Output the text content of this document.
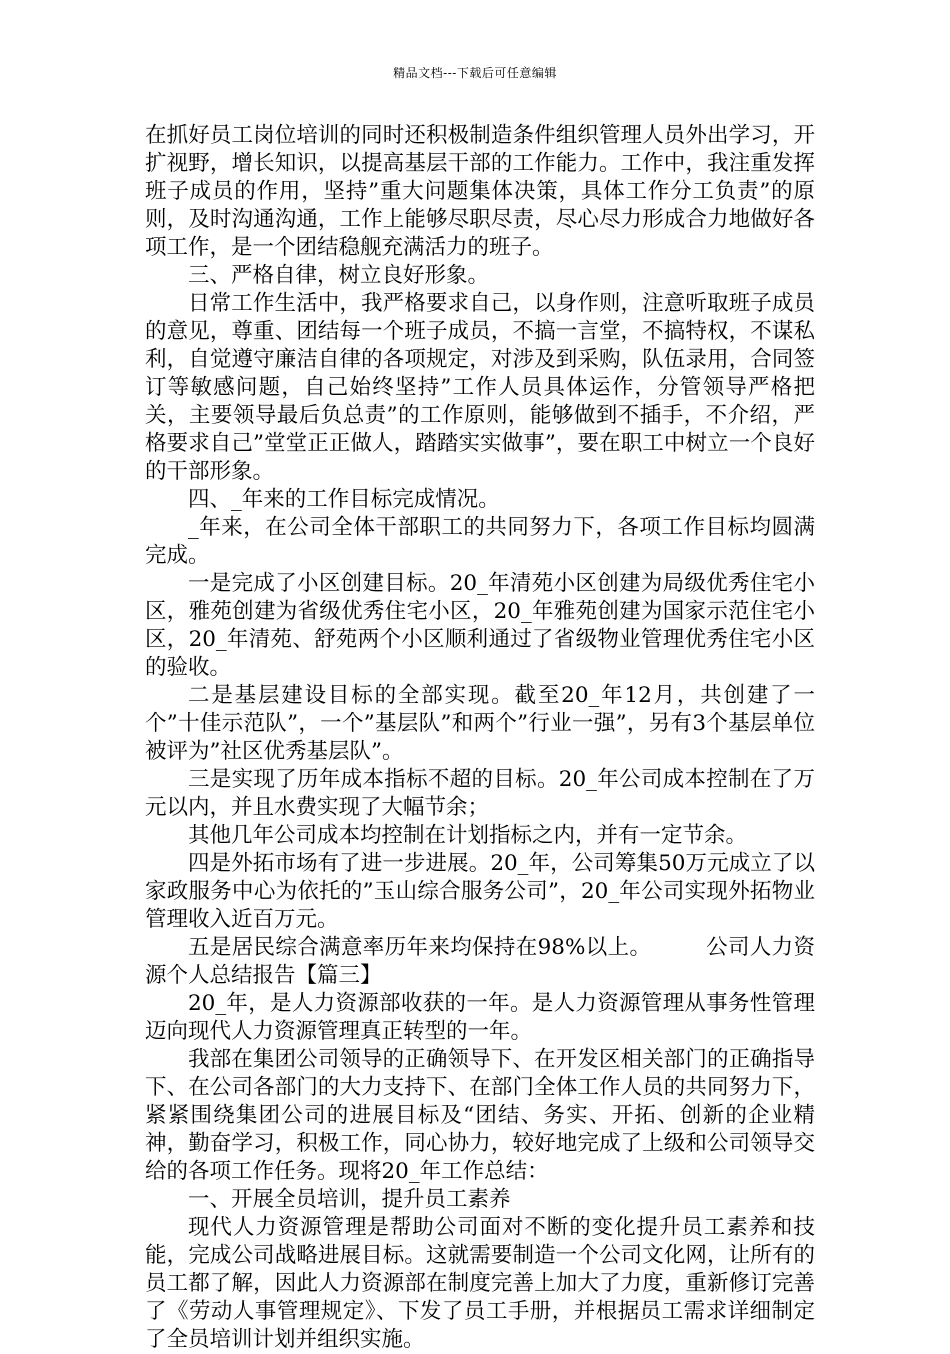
精品文档---下载后可任意编辑

在抓好员工岗位培训的同时还积极制造条件组织管理人员外出学习，开扩视野，增长知识，以提高基层干部的工作能力。工作中，我注重发挥班子成员的作用，坚持”重大问题集体决策，具体工作分工负责”的原则，及时沟通沟通，工作上能够尽职尽责，尽心尽力形成合力地做好各项工作，是一个团结稳舰充满活力的班子。

三、严格自律，树立良好形象。

日常工作生活中，我严格要求自己，以身作则，注意听取班子成员的意见，尊重、团结每一个班子成员，不搞一言堂，不搞特权，不谋私利，自觉遵守廉洁自律的各项规定，对涉及到采购，队伍录用，合同签订等敏感问题，自己始终坚持”工作人员具体运作，分管领导严格把关，主要领导最后负总责”的工作原则，能够做到不插手，不介绍，严格要求自己”堂堂正正做人，踏踏实实做事”，要在职工中树立一个良好的干部形象。

四、_年来的工作目标完成情况。

_年来，在公司全体干部职工的共同努力下，各项工作目标均圆满完成。

一是完成了小区创建目标。20_年清苑小区创建为局级优秀住宅小区，雅苑创建为省级优秀住宅小区，20_年雅苑创建为国家示范住宅小区，20_年清苑、舒苑两个小区顺利通过了省级物业管理优秀住宅小区的验收。

二是基层建设目标的全部实现。截至20_年12月，共创建了一个”十佳示范队”，一个”基层队”和两个”行业一强”，另有3个基层单位被评为”社区优秀基层队”。

三是实现了历年成本指标不超的目标。20_年公司成本控制在了万元以内，并且水费实现了大幅节余；

其他几年公司成本均控制在计划指标之内，并有一定节余。

四是外拓市场有了进一步进展。20_年，公司筹集50万元成立了以家政服务中心为依托的”玉山综合服务公司”，20_年公司实现外拓物业管理收入近百万元。

五是居民综合满意率历年来均保持在98%以上。　　　公司人力资源个人总结报告【篇三】

20_年，是人力资源部收获的一年。是人力资源管理从事务性管理迈向现代人力资源管理真正转型的一年。

我部在集团公司领导的正确领导下、在开发区相关部门的正确指导下、在公司各部门的大力支持下、在部门全体工作人员的共同努力下，紧紧围绕集团公司的进展目标及“团结、务实、开拓、创新的企业精神，勤奋学习，积极工作，同心协力，较好地完成了上级和公司领导交给的各项工作任务。现将20_年工作总结：

一、开展全员培训，提升员工素养

现代人力资源管理是帮助公司面对不断的变化提升员工素养和技能，完成公司战略进展目标。这就需要制造一个公司文化网，让所有的员工都了解，因此人力资源部在制度完善上加大了力度，重新修订完善了《劳动人事管理规定》、下发了员工手册，并根据员工需求详细制定了全员培训计划并组织实施。
